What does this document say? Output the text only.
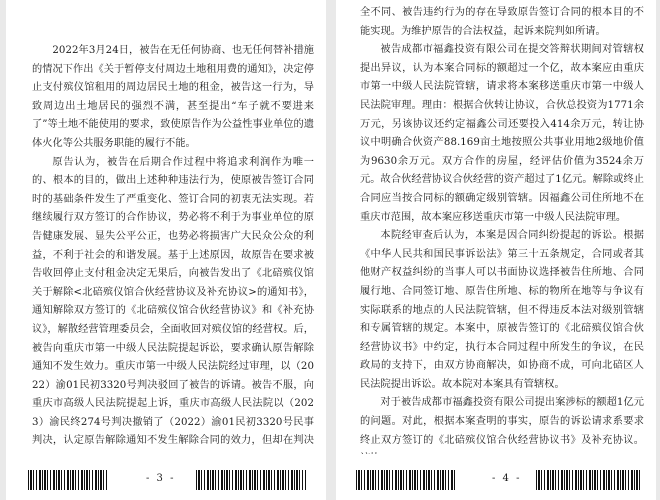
2022年3月24日，被告在无任何协商、也无任何替补措施的情况下作出《关于暂停支付周边土地租用费的通知》，决定停止支付殡仪馆租用的周边居民土地的租金，被告这一行为，导致周边出土地居民的强烈不满，甚至提出“车子就不要进来了”等土地不能使用的要求，致使原告作为公益性事业单位的遗体火化等公共服务职能的履行不能。

原告认为，被告在后期合作过程中将追求利润作为唯一的、根本的目的，做出上述种种违法行为，使原被告签订合同时的基础条件发生了严重变化、签订合同的初衷无法实现。若继续履行双方签订的合作协议，势必将不利于为事业单位的原告健康发展、显失公平公正，也势必将损害广大民众公众的利益，不利于社会的和谐发展。基于上述原因，故原告在要求被告收回停止支付租金决定无果后，向被告发出了《北碚殡仪馆关于解除<北碚殡仪馆合伙经营协议及补充协议>的通知书》，通知解除双方签订的《北碚殡仪馆合伙经营协议》和《补充协议》，解散经营管理委员会，全面收回对殡仪馆的经营权。后，被告向重庆市第一中级人民法院提起诉讼，要求确认原告解除通知不发生效力。重庆市第一中级人民法院经过审理，以（2022）渝01民初3320号判决驳回了被告的诉请。被告不服，向重庆市高级人民法院提起上诉，重庆市高级人民法院以（2023）渝民终274号判决撤销了（2022）渝01民初3320号民事判决，认定原告解除通知不发生解除合同的效力，但却在判决

- 3 -

全不同、被告违约行为的存在导致原告签订合同的根本目的不能实现。为维护原告的合法权益，起诉来院判如所请。

被告成都市福鑫投资有限公司在提交答辩状期间对管辖权提出异议，认为本案合同标的额超过一个亿，故本案应由重庆市第一中级人民法院管辖，请求将本案移送重庆市第一中级人民法院审理。理由：根据合伙转让协议，合伙总投资为1771余万元，另该协议还约定福鑫公司还要投入414余万元，转让协议中明确合伙资产88.169亩土地按照公共事业用地2级地价值为9630余万元。双方合作的房屋，经评估价值为3524余万元。故合伙经营协议合伙经营的资产超过了1亿元。解除或终止合同应当按合同标的额确定级别管辖。因福鑫公司住所地不在重庆市范围，故本案应移送重庆市第一中级人民法院审理。

本院经审查后认为，本案是因合同纠纷提起的诉讼。根据《中华人民共和国民事诉讼法》第三十五条规定，合同或者其他财产权益纠纷的当事人可以书面协议选择被告住所地、合同履行地、合同签订地、原告住所地、标的物所在地等与争议有实际联系的地点的人民法院管辖，但不得违反本法对级别管辖和专属管辖的规定。本案中，原被告签订的《北碚殡仪馆合伙经营协议书》中约定，执行本合同过程中所发生的争议，在民政局的支持下，由双方协商解决，如协商不成，可向北碚区人民法院提出诉讼。故本院对本案具有管辖权。

对于被告成都市福鑫投资有限公司提出案涉标的额超1亿元的问题。对此，根据本案查明的事实，原告的诉讼请求系要求终止双方签订的《北碚殡仪馆合伙经营协议书》及补充协议。

- 4 -
